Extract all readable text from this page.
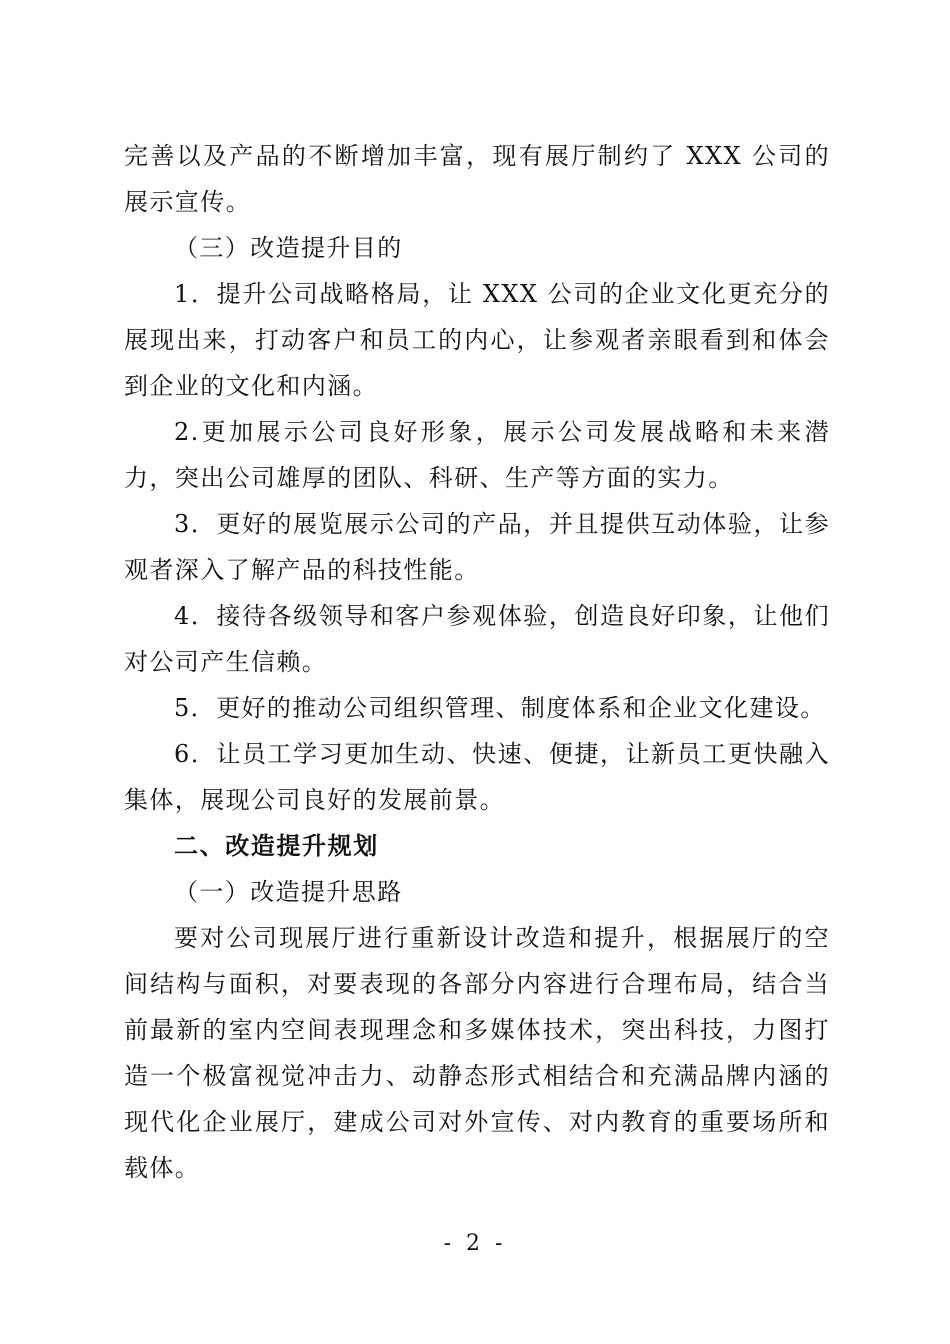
完善以及产品的不断增加丰富，现有展厅制约了 XXX 公司的展示宣传。

（三）改造提升目的

1．提升公司战略格局，让 XXX 公司的企业文化更充分的展现出来，打动客户和员工的内心，让参观者亲眼看到和体会到企业的文化和内涵。

2.更加展示公司良好形象，展示公司发展战略和未来潜力，突出公司雄厚的团队、科研、生产等方面的实力。

3．更好的展览展示公司的产品，并且提供互动体验，让参观者深入了解产品的科技性能。

4．接待各级领导和客户参观体验，创造良好印象，让他们对公司产生信赖。

5．更好的推动公司组织管理、制度体系和企业文化建设。

6．让员工学习更加生动、快速、便捷，让新员工更快融入集体，展现公司良好的发展前景。

二、改造提升规划

（一）改造提升思路

要对公司现展厅进行重新设计改造和提升，根据展厅的空间结构与面积，对要表现的各部分内容进行合理布局，结合当前最新的室内空间表现理念和多媒体技术，突出科技，力图打造一个极富视觉冲击力、动静态形式相结合和充满品牌内涵的现代化企业展厅，建成公司对外宣传、对内教育的重要场所和载体。

- 2 -
